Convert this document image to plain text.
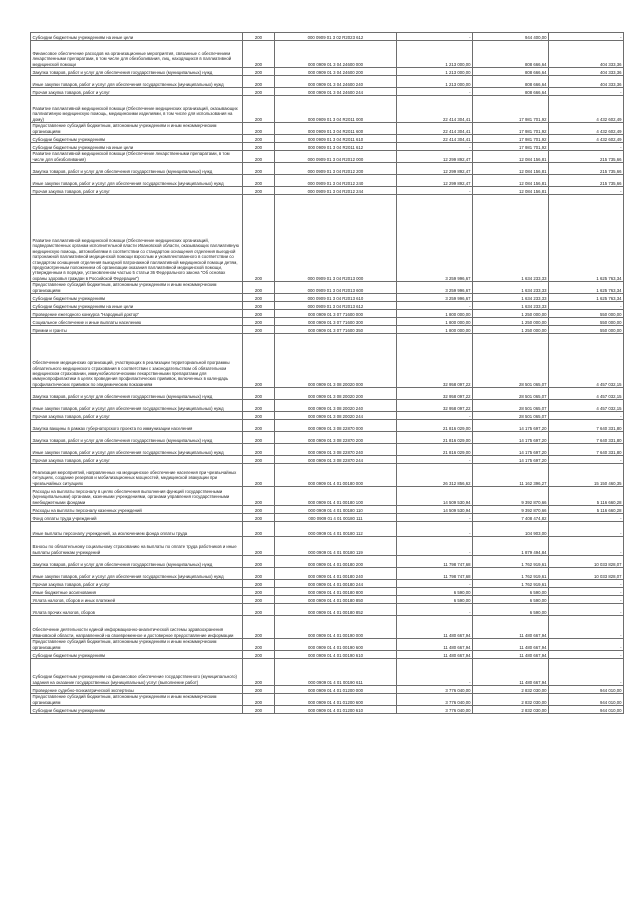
Субсидии бюджетным учреждениям на иные цели	200	000 0909 01 3 02 R2023 612	-	944 400,00	-
Финансовое обеспечение расходов на организационные мероприятия, связанные с обеспечением лекарственными препаратами, в том числе для обезболивания, лиц, находящихся в паллиативной медицинской помощи	200	000 0909 01 3 04 24600 000	1 213 000,00	808 666,64	404 333,36
Закупка товаров, работ и услуг для обеспечения государственных (муниципальных) нужд	200	000 0909 01 3 04 24600 200	1 213 000,00	808 666,64	404 333,36
Иные закупки товаров, работ и услуг для обеспечения государственных (муниципальных) нужд	200	000 0909 01 3 04 24600 240	1 213 000,00	808 666,64	404 333,36
Прочая закупка товаров, работ и услуг	200	000 0909 01 3 04 24600 244	-	808 666,64	-
Развитие паллиативной медицинской помощи (Обеспечение медицинских организаций, оказывающих паллиативную медицинскую помощь, медицинскими изделиями, в том числе для использования на дому)	200	000 0909 01 3 04 R2011 000	22 414 304,41	17 981 701,92	4 432 602,49
Предоставление субсидий бюджетным, автономным учреждениям и иным некоммерческим организациям	200	000 0909 01 3 04 R2011 600	22 414 304,41	17 981 701,92	4 432 602,49
Субсидии бюджетным учреждениям	200	000 0909 01 3 04 R2011 610	22 414 304,41	17 981 701,92	4 432 602,49
Субсидии бюджетным учреждениям на иные цели	200	000 0909 01 3 04 R2011 612	-	17 981 701,92	-
Развитие паллиативной медицинской помощи (Обеспечение лекарственными препаратами, в том числе для обезболивания)	200	000 0909 01 3 04 R2012 000	12 299 892,47	12 084 156,81	215 735,66
Закупка товаров, работ и услуг для обеспечения государственных (муниципальных) нужд	200	000 0909 01 3 04 R2012 200	12 299 892,47	12 084 156,81	215 735,66
Иные закупки товаров, работ и услуг для обеспечения государственных (муниципальных) нужд	200	000 0909 01 3 04 R2012 240	12 299 892,47	12 084 156,81	215 735,66
Прочая закупка товаров, работ и услуг	200	000 0909 01 3 04 R2012 244	-	12 084 156,81	-
Развитие паллиативной медицинской помощи (Обеспечение медицинских организаций, подведомственных органам исполнительной власти Ивановской области, оказывающих паллиативную медицинскую помощь, автомобилями в соответствии со стандартом оснащения отделения выездной патронажной паллиативной медицинской помощи взрослым и укомплектованного в соответствии со стандартом оснащения отделения выездной патронажной паллиативной медицинской помощи детям, предусмотренным положением об организации оказания паллиативной медицинской помощи, утвержденным в порядке, установленном частью 5 статьи 36 Федерального закона "Об основах охраны здоровья граждан в Российской Федерации")	200	000 0909 01 3 04 R2013 000	3 259 996,67	1 634 233,33	1 625 763,34
Предоставление субсидий бюджетным, автономным учреждениям и иным некоммерческим организациям	200	000 0909 01 3 04 R2013 600	3 259 996,67	1 634 233,33	1 625 763,34
Субсидии бюджетным учреждениям	200	000 0909 01 3 04 R2013 610	3 259 996,67	1 634 233,33	1 625 763,34
Субсидии бюджетным учреждениям на иные цели	200	000 0909 01 3 04 R2013 612	-	1 634 233,33	-
Проведение ежегодного конкурса "Народный доктор"	200	000 0909 01 3 07 71600 000	1 800 000,00	1 250 000,00	550 000,00
Социальное обеспечение и иные выплаты населению	200	000 0909 01 3 07 71600 300	1 800 000,00	1 250 000,00	550 000,00
Премии и гранты	200	000 0909 01 3 07 71600 350	1 800 000,00	1 250 000,00	550 000,00
Обеспечение медицинских организаций, участвующих в реализации территориальной программы обязательного медицинского страхования в соответствии с законодательством об обязательном медицинском страховании, иммунобиологическими лекарственными препаратами для иммунопрофилактики в целях проведения профилактических прививок, включенных в календарь профилактических прививок по эпидемическим показаниям	200	000 0909 01 3 08 20020 000	32 958 097,22	28 501 065,07	4 457 032,15
Закупка товаров, работ и услуг для обеспечения государственных (муниципальных) нужд	200	000 0909 01 3 08 20020 200	32 958 097,22	28 501 065,07	4 457 032,15
Иные закупки товаров, работ и услуг для обеспечения государственных (муниципальных) нужд	200	000 0909 01 3 08 20020 240	32 958 097,22	28 501 065,07	4 457 032,15
Прочая закупка товаров, работ и услуг	200	000 0909 01 3 08 20020 244	-	28 501 065,07	-
Закупка вакцины в рамках губернаторского проекта по иммунизации населения	200	000 0909 01 3 08 22870 000	21 816 029,00	14 175 697,20	7 640 331,80
Закупка товаров, работ и услуг для обеспечения государственных (муниципальных) нужд	200	000 0909 01 3 08 22870 200	21 816 029,00	14 175 697,20	7 640 331,80
Иные закупки товаров, работ и услуг для обеспечения государственных (муниципальных) нужд	200	000 0909 01 3 08 22870 240	21 816 029,00	14 175 697,20	7 640 331,80
Прочая закупка товаров, работ и услуг	200	000 0909 01 3 08 22870 244	-	14 175 697,20	-
Реализация мероприятий, направленных на медицинское обеспечение населения при чрезвычайных ситуациях, создание резервов и мобилизационных мощностей, медицинской эвакуации при чрезвычайных ситуациях	200	000 0909 01 4 01 00180 000	26 312 856,62	11 162 396,27	15 150 460,35
Расходы на выплаты персоналу в целях обеспечения выполнения функций государственными (муниципальными) органами, казенными учреждениями, органами управления государственными внебюджетными фондами	200	000 0909 01 4 01 00180 100	14 509 530,94	9 392 870,66	5 116 660,28
Расходы на выплаты персоналу казенных учреждений	200	000 0909 01 4 01 00180 110	14 509 530,94	9 392 870,66	5 116 660,28
Фонд оплаты труда учреждений	200	000 0909 01 4 01 00180 111	-	7 408 474,82	-
Иные выплаты персоналу учреждений, за исключением фонда оплаты труда	200	000 0909 01 4 01 00180 112	-	104 903,00	-
Взносы по обязательному социальному страхованию на выплаты по оплате труда работников и иные выплаты работникам учреждений	200	000 0909 01 4 01 00180 119	-	1 879 494,84	-
Закупка товаров, работ и услуг для обеспечения государственных (муниципальных) нужд	200	000 0909 01 4 01 00180 200	11 798 747,68	1 762 919,61	10 033 828,07
Иные закупки товаров, работ и услуг для обеспечения государственных (муниципальных) нужд	200	000 0909 01 4 01 00180 240	11 798 747,68	1 762 919,61	10 033 828,07
Прочая закупка товаров, работ и услуг	200	000 0909 01 4 01 00180 244	-	1 762 919,61	-
Иные бюджетные ассигнования	200	000 0909 01 4 01 00180 800	6 590,00	6 590,00	-
Уплата налогов, сборов и иных платежей	200	000 0909 01 4 01 00180 850	6 590,00	6 590,00	-
Уплата прочих налогов, сборов	200	000 0909 01 4 01 00180 852	-	6 590,00	-
Обеспечение деятельности единой информационно-аналитической системы здравоохранения Ивановской области, направленной на своевременное и достоверное предоставление информации	200	000 0909 01 4 01 00190 000	11 480 667,94	11 480 667,94	-
Предоставление субсидий бюджетным, автономным учреждениям и иным некоммерческим организациям	200	000 0909 01 4 01 00190 600	11 480 667,94	11 480 667,94	-
Субсидии бюджетным учреждениям	200	000 0909 01 4 01 00190 610	11 480 667,94	11 480 667,94	-
Субсидии бюджетным учреждениям на финансовое обеспечение государственного (муниципального) задания на оказание государственных (муниципальных) услуг (выполнение работ)	200	000 0909 01 4 01 00190 611	-	11 480 667,94	-
Проведение судебно-психиатрической экспертизы	200	000 0909 01 4 01 01200 000	3 776 040,00	2 832 030,00	944 010,00
Предоставление субсидий бюджетным, автономным учреждениям и иным некоммерческим организациям	200	000 0909 01 4 01 01200 600	3 776 040,00	2 832 030,00	944 010,00
Субсидии бюджетным учреждениям	200	000 0909 01 4 01 01200 610	3 776 040,00	2 832 030,00	944 010,00
